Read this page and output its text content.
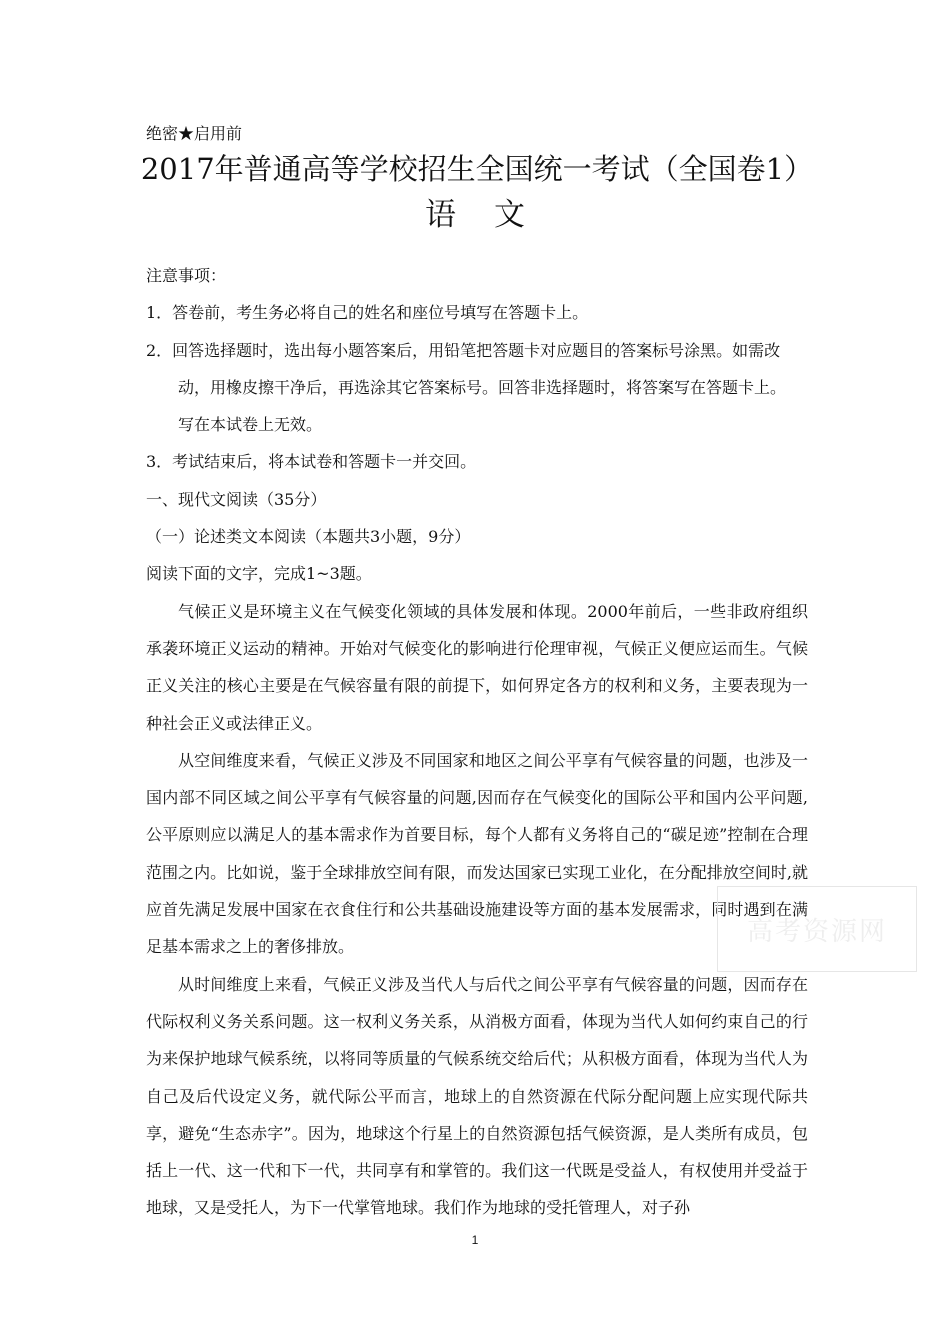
绝密★启用前
2017年普通高等学校招生全国统一考试（全国卷1）
语文
注意事项：
1．答卷前，考生务必将自己的姓名和座位号填写在答题卡上。
2．回答选择题时，选出每小题答案后，用铅笔把答题卡对应题目的答案标号涂黑。如需改
动，用橡皮擦干净后，再选涂其它答案标号。回答非选择题时，将答案写在答题卡上。
写在本试卷上无效。
3．考试结束后，将本试卷和答题卡一并交回。
一、现代文阅读（35分）
（一）论述类文本阅读（本题共3小题，9分）
阅读下面的文字，完成1~3题。

气候正义是环境主义在气候变化领域的具体发展和体现。2000年前后，一些非政府组织承袭环境正义运动的精神。开始对气候变化的影响进行伦理审视，气候正义便应运而生。气候正义关注的核心主要是在气候容量有限的前提下，如何界定各方的权利和义务，主要表现为一种社会正义或法律正义。

从空间维度来看，气候正义涉及不同国家和地区之间公平享有气候容量的问题，也涉及一国内部不同区域之间公平享有气候容量的问题,因而存在气候变化的国际公平和国内公平问题,公平原则应以满足人的基本需求作为首要目标，每个人都有义务将自己的“碳足迹”控制在合理范围之内。比如说，鉴于全球排放空间有限，而发达国家已实现工业化，在分配排放空间时,就应首先满足发展中国家在衣食住行和公共基础设施建设等方面的基本发展需求，同时遇到在满足基本需求之上的奢侈排放。

从时间维度上来看，气候正义涉及当代人与后代之间公平享有气候容量的问题，因而存在代际权利义务关系问题。这一权利义务关系，从消极方面看，体现为当代人如何约束自己的行为来保护地球气候系统，以将同等质量的气候系统交给后代；从积极方面看，体现为当代人为自己及后代设定义务，就代际公平而言，地球上的自然资源在代际分配问题上应实现代际共享，避免“生态赤字”。因为，地球这个行星上的自然资源包括气候资源，是人类所有成员，包括上一代、这一代和下一代，共同享有和掌管的。我们这一代既是受益人，有权使用并受益于地球，又是受托人，为下一代掌管地球。我们作为地球的受托管理人，对子孙

高考资源网
1
